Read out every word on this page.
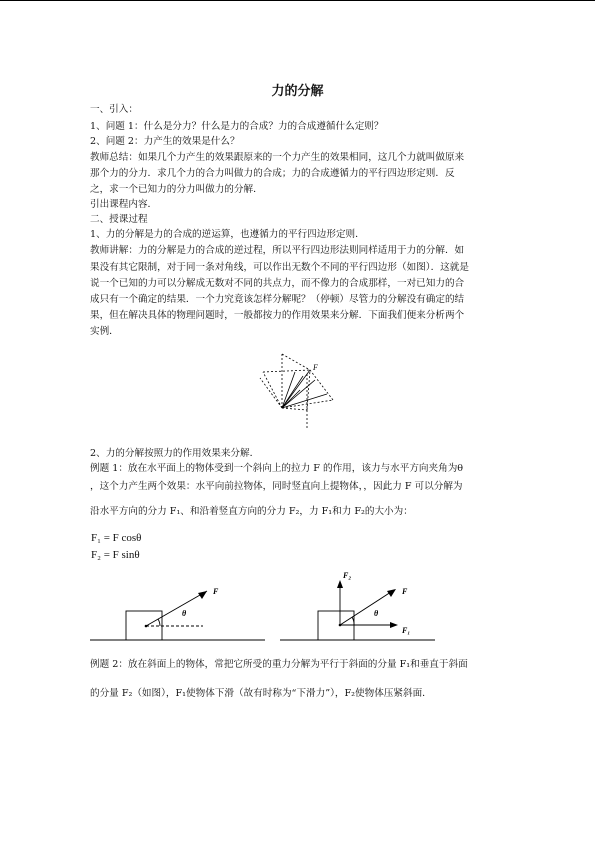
力的分解
一、引入：
1、问题 1：什么是分力？什么是力的合成？力的合成遵循什么定则？
2、问题 2：力产生的效果是什么？
教师总结：如果几个力产生的效果跟原来的一个力产生的效果相同，这几个力就叫做原来
那个力的分力．求几个力的合力叫做力的合成；力的合成遵循力的平行四边形定则．反
之，求一个已知力的分力叫做力的分解．
引出课程内容．
二、授课过程
1、力的分解是力的合成的逆运算，也遵循力的平行四边形定则．
教师讲解：力的分解是力的合成的逆过程，所以平行四边形法则同样适用于力的分解．如
果没有其它限制，对于同一条对角线，可以作出无数个不同的平行四边形（如图）．这就是
说一个已知的力可以分解成无数对不同的共点力，而不像力的合成那样，一对已知力的合
成只有一个确定的结果．一个力究竟该怎样分解呢？（停顿）尽管力的分解没有确定的结
果，但在解决具体的物理问题时，一般都按力的作用效果来分解．下面我们便来分析两个
实例．
F
2、力的分解按照力的作用效果来分解．
例题 1：放在水平面上的物体受到一个斜向上的拉力 F 的作用，该力与水平方向夹角为θ
，这个力产生两个效果：水平向前拉物体，同时竖直向上提物体，，因此力 F 可以分解为
沿水平方向的分力 F₁、和沿着竖直方向的分力 F₂，力 F₁和力 F₂的大小为：
F₁ = F cosθ
F₂ = F sinθ
F
θ
F₂
F
θ
F₁
例题 2：放在斜面上的物体，常把它所受的重力分解为平行于斜面的分量 F₁和垂直于斜面
的分量 F₂（如图），F₁使物体下滑（故有时称为“下滑力”），F₂使物体压紧斜面．
